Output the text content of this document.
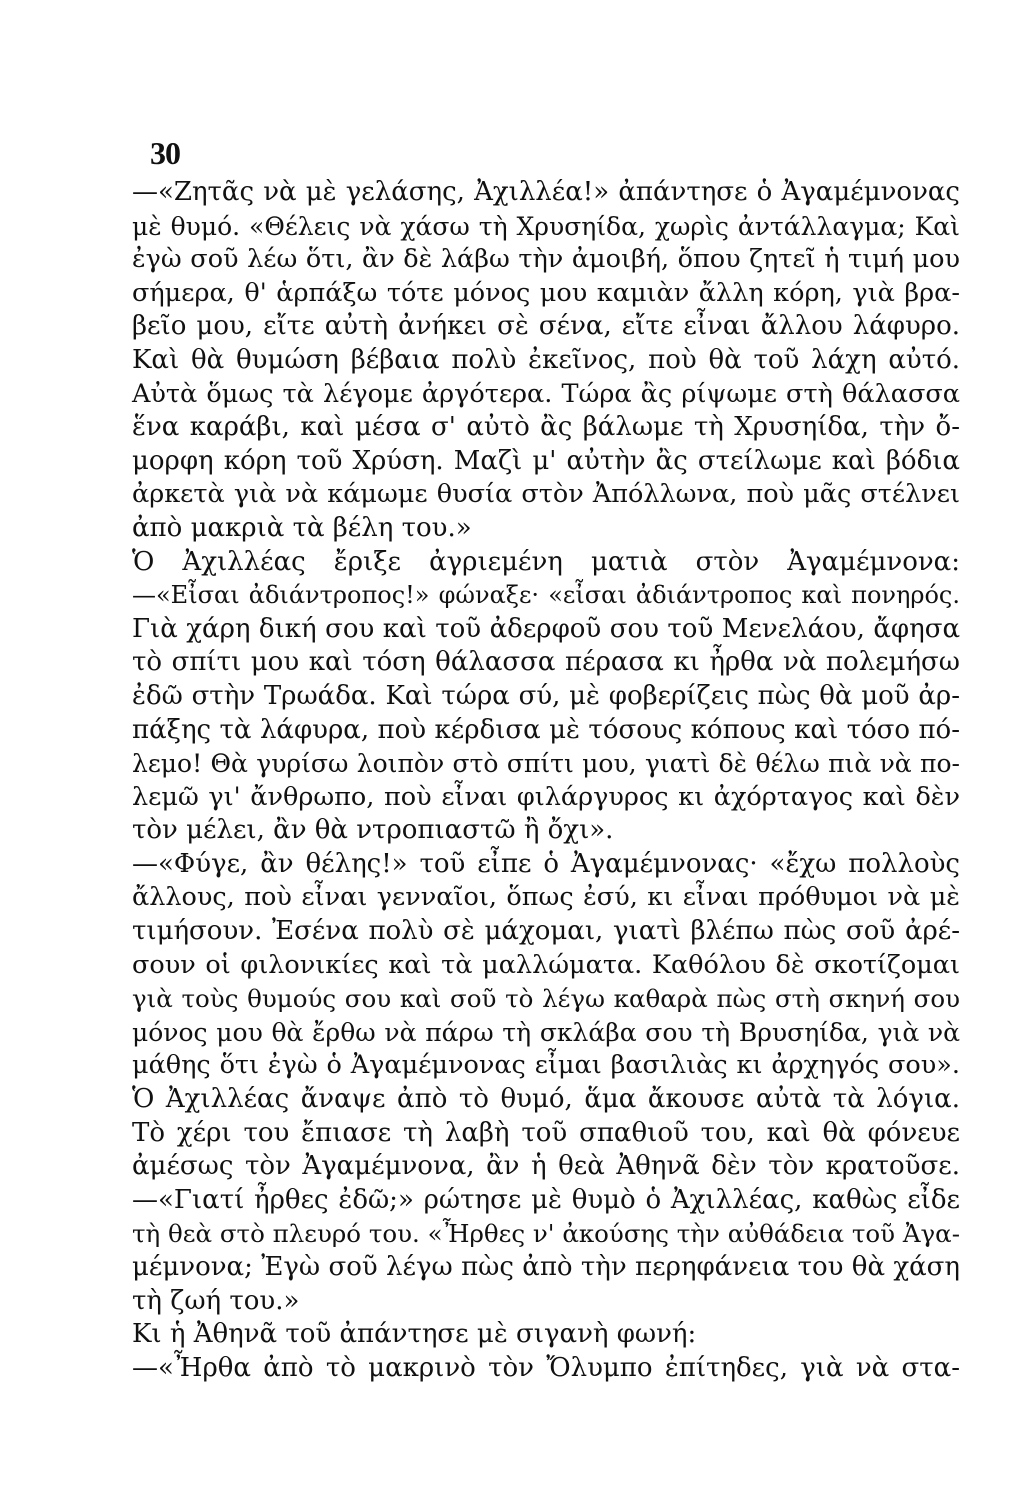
30
—«Ζητᾶς νὰ μὲ γελάσης, Ἀχιλλέα!» ἀπάντησε ὁ Ἀγαμέμνονας
μὲ θυμό. «Θέλεις νὰ χάσω τὴ Χρυσηίδα, χωρὶς ἀντάλλαγμα; Καὶ
ἐγὼ σοῦ λέω ὅτι, ἂν δὲ λάβω τὴν ἀμοιβή, ὅπου ζητεῖ ἡ τιμή μου
σήμερα, θ' ἁρπάξω τότε μόνος μου καμιὰν ἄλλη κόρη, γιὰ βρα-
βεῖο μου, εἴτε αὐτὴ ἀνήκει σὲ σένα, εἴτε εἶναι ἄλλου λάφυρο.
Καὶ θὰ θυμώση βέβαια πολὺ ἐκεῖνος, ποὺ θὰ τοῦ λάχη αὐτό.
Αὐτὰ ὅμως τὰ λέγομε ἀργότερα. Τώρα ἂς ρίψωμε στὴ θάλασσα
ἕνα καράβι, καὶ μέσα σ' αὐτὸ ἂς βάλωμε τὴ Χρυσηίδα, τὴν ὄ-
μορφη κόρη τοῦ Χρύση. Μαζὶ μ' αὐτὴν ἂς στείλωμε καὶ βόδια
ἀρκετὰ γιὰ νὰ κάμωμε θυσία στὸν Ἀπόλλωνα, ποὺ μᾶς στέλνει
ἀπὸ μακριὰ τὰ βέλη του.»
Ὁ Ἀχιλλέας ἔριξε ἀγριεμένη ματιὰ στὸν Ἀγαμέμνονα:
—«Εἶσαι ἀδιάντροπος!» φώναξε· «εἶσαι ἀδιάντροπος καὶ πονηρός.
Γιὰ χάρη δική σου καὶ τοῦ ἀδερφοῦ σου τοῦ Μενελάου, ἄφησα
τὸ σπίτι μου καὶ τόση θάλασσα πέρασα κι ἦρθα νὰ πολεμήσω
ἐδῶ στὴν Τρωάδα. Καὶ τώρα σύ, μὲ φοβερίζεις πὼς θὰ μοῦ ἀρ-
πάξης τὰ λάφυρα, ποὺ κέρδισα μὲ τόσους κόπους καὶ τόσο πό-
λεμο! Θὰ γυρίσω λοιπὸν στὸ σπίτι μου, γιατὶ δὲ θέλω πιὰ νὰ πο-
λεμῶ γι' ἄνθρωπο, ποὺ εἶναι φιλάργυρος κι ἀχόρταγος καὶ δὲν
τὸν μέλει, ἂν θὰ ντροπιαστῶ ἢ ὄχι».
—«Φύγε, ἂν θέλης!» τοῦ εἶπε ὁ Ἀγαμέμνονας· «ἔχω πολλοὺς
ἄλλους, ποὺ εἶναι γενναῖοι, ὅπως ἐσύ, κι εἶναι πρόθυμοι νὰ μὲ
τιμήσουν. Ἐσένα πολὺ σὲ μάχομαι, γιατὶ βλέπω πὼς σοῦ ἀρέ-
σουν οἱ φιλονικίες καὶ τὰ μαλλώματα. Καθόλου δὲ σκοτίζομαι
γιὰ τοὺς θυμούς σου καὶ σοῦ τὸ λέγω καθαρὰ πὼς στὴ σκηνή σου
μόνος μου θὰ ἔρθω νὰ πάρω τὴ σκλάβα σου τὴ Βρυσηίδα, γιὰ νὰ
μάθης ὅτι ἐγὼ ὁ Ἀγαμέμνονας εἶμαι βασιλιὰς κι ἀρχηγός σου».
Ὁ Ἀχιλλέας ἄναψε ἀπὸ τὸ θυμό, ἅμα ἄκουσε αὐτὰ τὰ λόγια.
Τὸ χέρι του ἔπιασε τὴ λαβὴ τοῦ σπαθιοῦ του, καὶ θὰ φόνευε
ἀμέσως τὸν Ἀγαμέμνονα, ἂν ἡ θεὰ Ἀθηνᾶ δὲν τὸν κρατοῦσε.
—«Γιατί ἦρθες ἐδῶ;» ρώτησε μὲ θυμὸ ὁ Ἀχιλλέας, καθὼς εἶδε
τὴ θεὰ στὸ πλευρό του. «Ἦρθες ν' ἀκούσης τὴν αὐθάδεια τοῦ Ἀγα-
μέμνονα; Ἐγὼ σοῦ λέγω πὼς ἀπὸ τὴν περηφάνεια του θὰ χάση
τὴ ζωή του.»
Κι ἡ Ἀθηνᾶ τοῦ ἀπάντησε μὲ σιγανὴ φωνή:
—«Ἦρθα ἀπὸ τὸ μακρινὸ τὸν Ὄλυμπο ἐπίτηδες, γιὰ νὰ στα-
